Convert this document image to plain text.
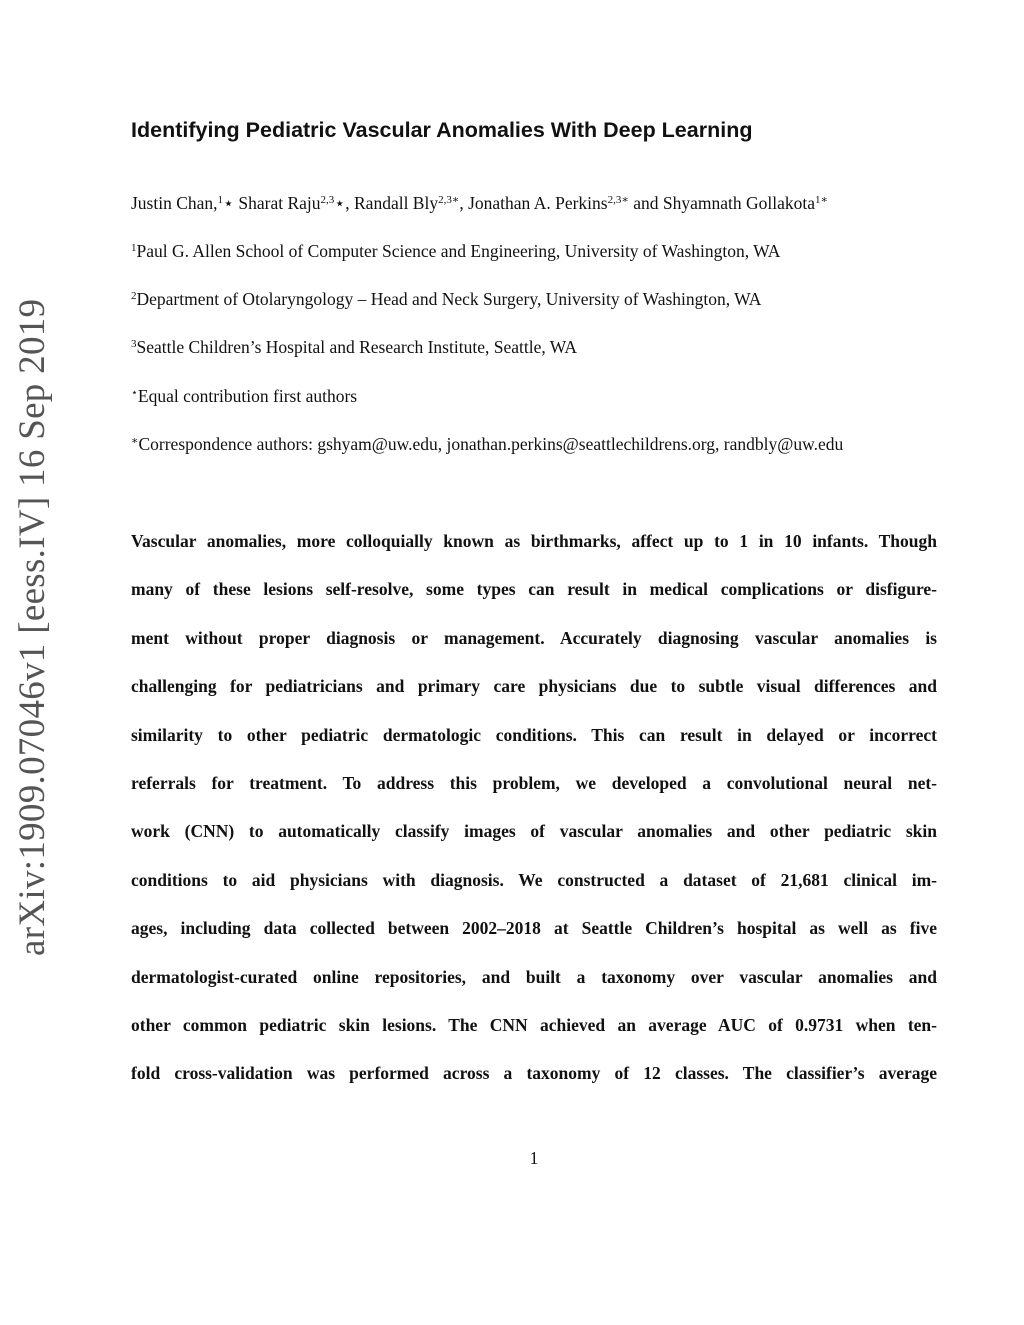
arXiv:1909.07046v1 [eess.IV] 16 Sep 2019
Identifying Pediatric Vascular Anomalies With Deep Learning
Justin Chan,$^1$⋆ Sharat Raju$^{2,3}$⋆, Randall Bly$^{2,3∗}$, Jonathan A. Perkins$^{2,3∗}$ and Shyamnath Gollakota$^{1∗}$
$^1$Paul G. Allen School of Computer Science and Engineering, University of Washington, WA
$^2$Department of Otolaryngology – Head and Neck Surgery, University of Washington, WA
$^3$Seattle Children’s Hospital and Research Institute, Seattle, WA
⋆Equal contribution first authors
∗Correspondence authors: gshyam@uw.edu, jonathan.perkins@seattlechildrens.org, randbly@uw.edu
Vascular anomalies, more colloquially known as birthmarks, affect up to 1 in 10 infants. Though
many of these lesions self-resolve, some types can result in medical complications or disfigure-
ment without proper diagnosis or management. Accurately diagnosing vascular anomalies is
challenging for pediatricians and primary care physicians due to subtle visual differences and
similarity to other pediatric dermatologic conditions. This can result in delayed or incorrect
referrals for treatment. To address this problem, we developed a convolutional neural net-
work (CNN) to automatically classify images of vascular anomalies and other pediatric skin
conditions to aid physicians with diagnosis. We constructed a dataset of 21,681 clinical im-
ages, including data collected between 2002–2018 at Seattle Children’s hospital as well as five
dermatologist-curated online repositories, and built a taxonomy over vascular anomalies and
other common pediatric skin lesions. The CNN achieved an average AUC of 0.9731 when ten-
fold cross-validation was performed across a taxonomy of 12 classes. The classifier’s average
1
